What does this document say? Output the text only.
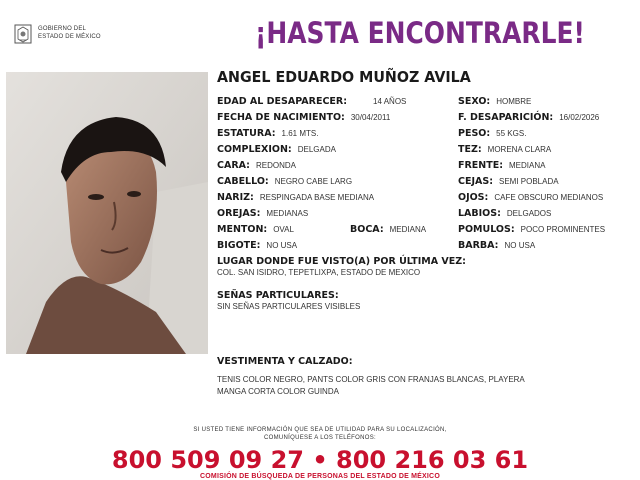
GOBIERNO DEL
ESTADO DE MÉXICO	¡HASTA ENCONTRARLE!
ANGEL EDUARDO MUÑOZ AVILA
EDAD AL DESAPARECER:	14 AÑOS
FECHA DE NACIMIENTO: 30/04/2011
ESTATURA: 1.61 MTS.
COMPLEXION: DELGADA
CARA: REDONDA
CABELLO: NEGRO CABE LARG
NARIZ: RESPINGADA BASE MEDIANA
OREJAS: MEDIANAS
MENTON: OVAL
BIGOTE: NO USA
BOCA: MEDIANA
SEXO: HOMBRE
F. DESAPARICIÓN: 16/02/2026
PESO: 55 KGS.
TEZ: MORENA CLARA
FRENTE: MEDIANA
CEJAS: SEMI POBLADA
OJOS: CAFE OBSCURO MEDIANOS
LABIOS: DELGADOS
POMULOS: POCO PROMINENTES
BARBA: NO USA
LUGAR DONDE FUE VISTO(A) POR ÚLTIMA VEZ:
COL. SAN ISIDRO, TEPETLIXPA, ESTADO DE MEXICO
SEÑAS PARTICULARES:
SIN SEÑAS PARTICULARES VISIBLES
VESTIMENTA Y CALZADO:
TENIS COLOR NEGRO, PANTS COLOR GRIS CON FRANJAS BLANCAS, PLAYERA
MANGA CORTA COLOR GUINDA
SI USTED TIENE INFORMACIÓN QUE SEA DE UTILIDAD PARA SU LOCALIZACIÓN,
COMUNÍQUESE A LOS TELÉFONOS:
800 509 09 27 • 800 216 03 61
COMISIÓN DE BÚSQUEDA DE PERSONAS DEL ESTADO DE MÉXICO
